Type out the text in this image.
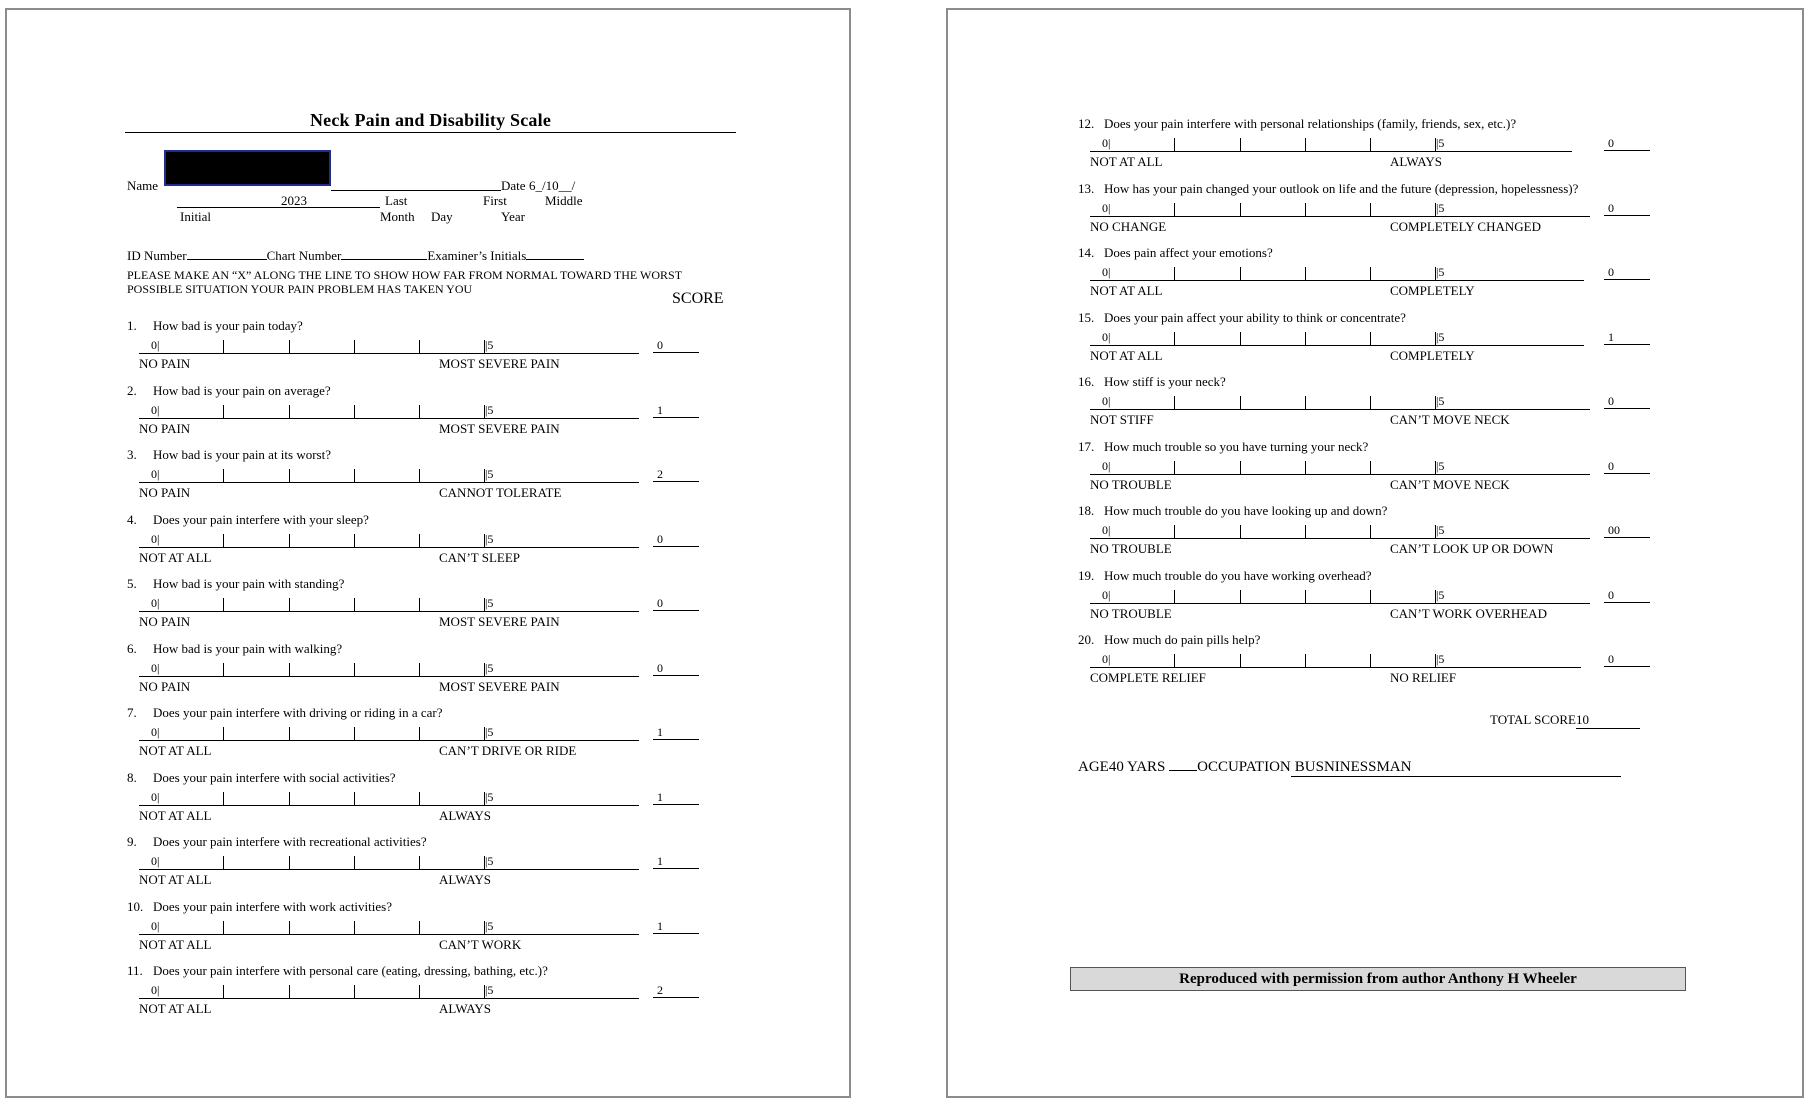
Neck Pain and Disability Scale
Name	Date 6_/10__/
2023	Last	First	Middle
Initial	Month Day	Year
ID Number	Chart Number	Examiner’s Initials
PLEASE MAKE AN “X” ALONG THE LINE TO SHOW HOW FAR FROM NORMAL TOWARD THE WORST
POSSIBLE SITUATION YOUR PAIN PROBLEM HAS TAKEN YOU
SCORE
1. How bad is your pain today?
0|	|5
NO PAIN	MOST SEVERE PAIN
0
2. How bad is your pain on average?
0|	|5
NO PAIN	MOST SEVERE PAIN
1
3. How bad is your pain at its worst?
0|	|5
NO PAIN	CANNOT TOLERATE
2
4. Does your pain interfere with your sleep?
0|	|5
NOT AT ALL	CAN’T SLEEP
0
5. How bad is your pain with standing?
0|	|5
NO PAIN	MOST SEVERE PAIN
0
6. How bad is your pain with walking?
0|	|5
NO PAIN	MOST SEVERE PAIN
0
7. Does your pain interfere with driving or riding in a car?
0|	|5
NOT AT ALL	CAN’T DRIVE OR RIDE
1
8. Does your pain interfere with social activities?
0|	|5
NOT AT ALL	ALWAYS
1
9. Does your pain interfere with recreational activities?
0|	|5
NOT AT ALL	ALWAYS
1
10. Does your pain interfere with work activities?
0|	|5
NOT AT ALL	CAN’T WORK
1
11. Does your pain interfere with personal care (eating, dressing, bathing, etc.)?
0|	|5
NOT AT ALL	ALWAYS
2
12. Does your pain interfere with personal relationships (family, friends, sex, etc.)?
0|	|5
NOT AT ALL	ALWAYS
0
13. How has your pain changed your outlook on life and the future (depression, hopelessness)?
0|	|5
NO CHANGE	COMPLETELY CHANGED
0
14. Does pain affect your emotions?
0|	|5
NOT AT ALL	COMPLETELY
0
15. Does your pain affect your ability to think or concentrate?
0|	|5
NOT AT ALL	COMPLETELY
1
16. How stiff is your neck?
0|	|5
NOT STIFF	CAN’T MOVE NECK
0
17. How much trouble so you have turning your neck?
0|	|5
NO TROUBLE	CAN’T MOVE NECK
0
18. How much trouble do you have looking up and down?
0|	|5
NO TROUBLE	CAN’T LOOK UP OR DOWN
00
19. How much trouble do you have working overhead?
0|	|5
NO TROUBLE	CAN’T WORK OVERHEAD
0
20. How much do pain pills help?
0|	|5
COMPLETE RELIEF	NO RELIEF
0
TOTAL SCORE10
AGE40 YARS OCCUPATION BUSNINESSMAN
Reproduced with permission from author Anthony H Wheeler
